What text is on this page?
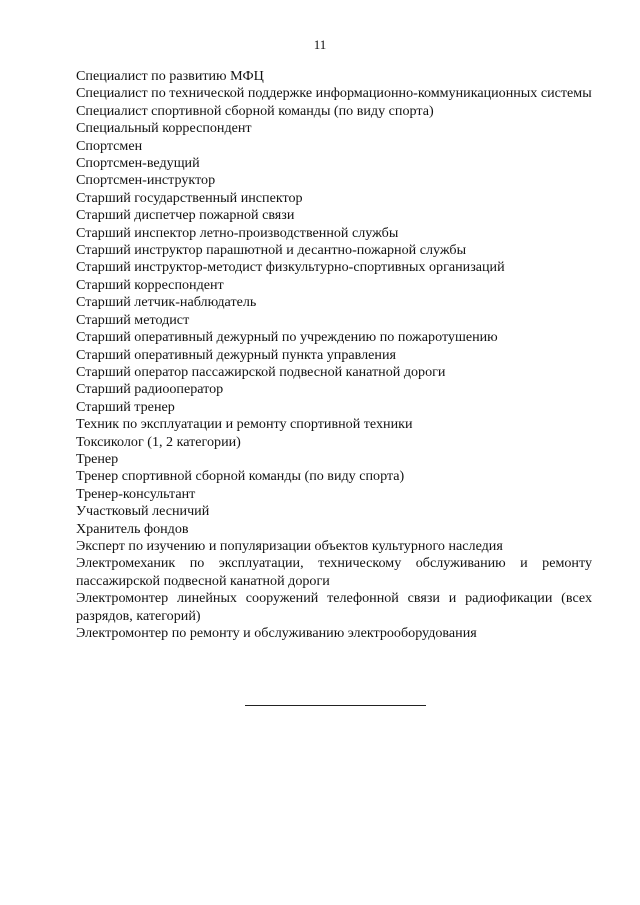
11
Специалист по развитию МФЦ
Специалист по технической поддержке информационно-коммуникационных системы
Специалист спортивной сборной команды (по виду спорта)
Специальный корреспондент
Спортсмен
Спортсмен-ведущий
Спортсмен-инструктор
Старший государственный инспектор
Старший диспетчер пожарной связи
Старший инспектор летно-производственной службы
Старший инструктор парашютной и десантно-пожарной службы
Старший инструктор-методист физкультурно-спортивных организаций
Старший корреспондент
Старший летчик-наблюдатель
Старший методист
Старший оперативный дежурный по учреждению по пожаротушению
Старший оперативный дежурный пункта управления
Старший оператор пассажирской подвесной канатной дороги
Старший радиооператор
Старший тренер
Техник по эксплуатации и ремонту спортивной техники
Токсиколог (1, 2 категории)
Тренер
Тренер спортивной сборной команды (по виду спорта)
Тренер-консультант
Участковый лесничий
Хранитель фондов
Эксперт по изучению и популяризации объектов культурного наследия
Электромеханик по эксплуатации, техническому обслуживанию и ремонту пассажирской подвесной канатной дороги
Электромонтер линейных сооружений телефонной связи и радиофикации (всех разрядов, категорий)
Электромонтер по ремонту и обслуживанию электрооборудования
